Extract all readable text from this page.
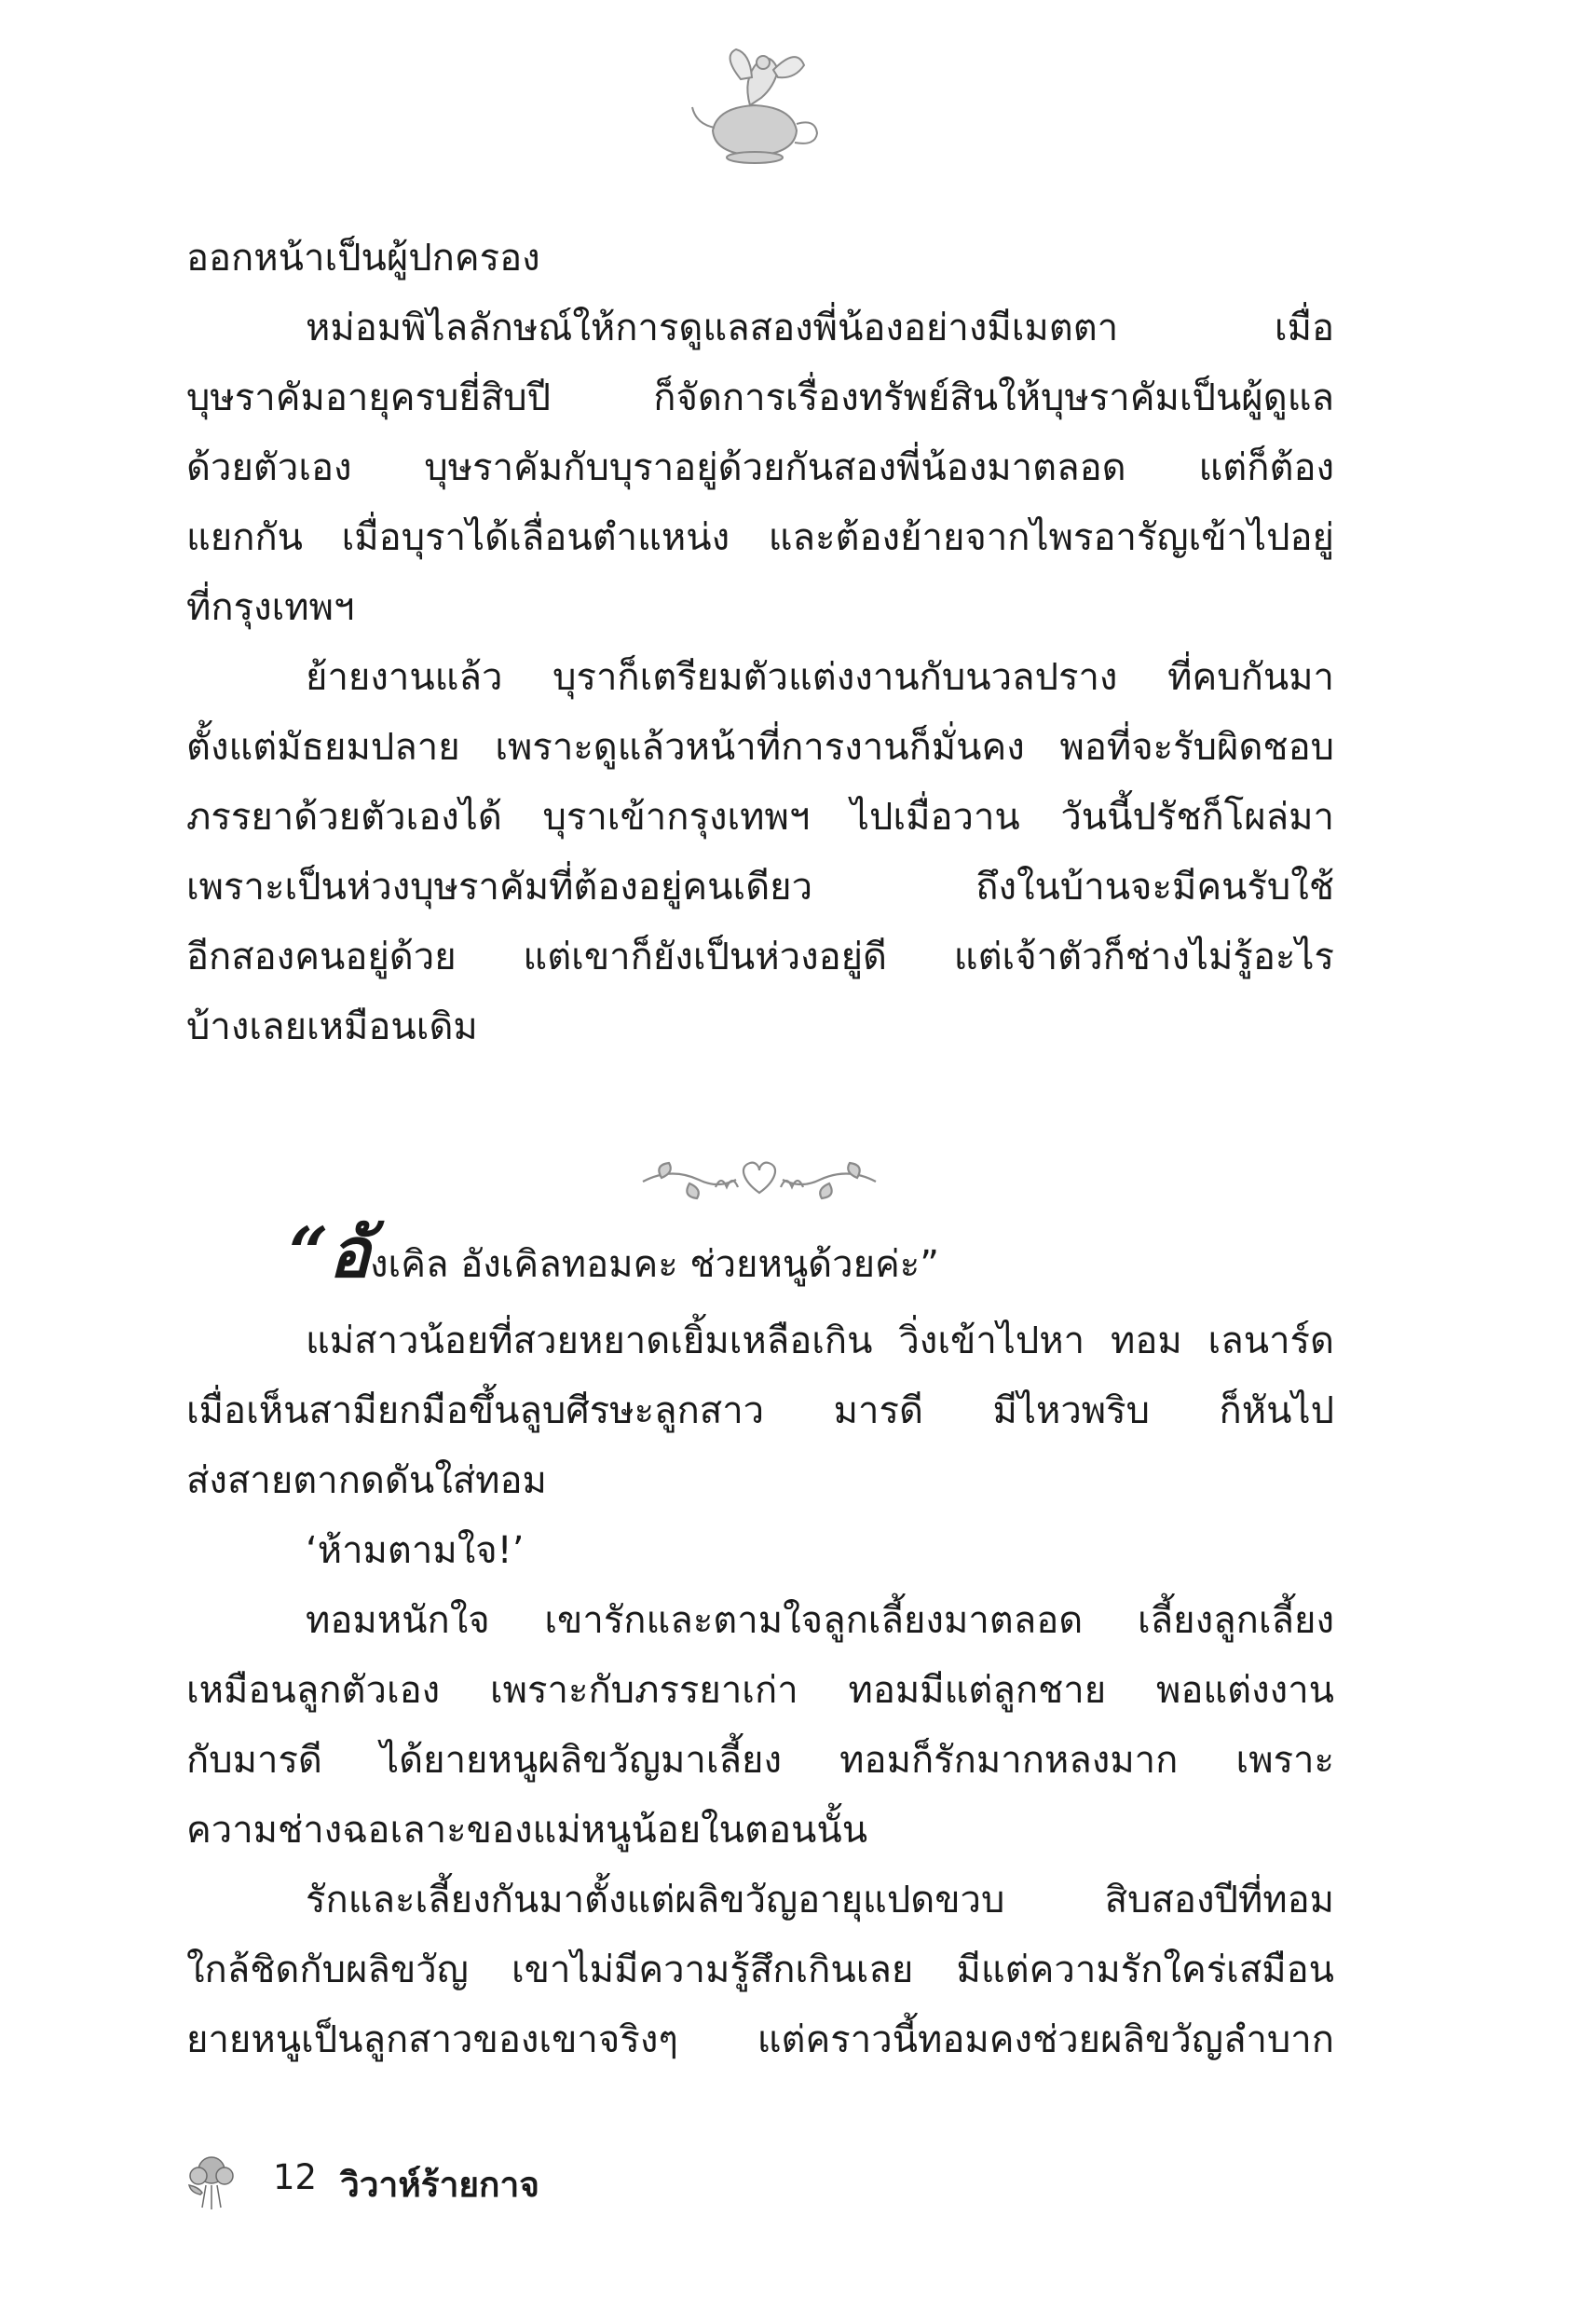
ออกหน้าเป็นผู้ปกครอง
หม่อมพิไลลักษณ์ให้การดูแลสองพี่น้องอย่างมีเมตตา เมื่อ
บุษราคัมอายุครบยี่สิบปี ก็จัดการเรื่องทรัพย์สินให้บุษราคัมเป็นผู้ดูแล
ด้วยตัวเอง บุษราคัมกับบุราอยู่ด้วยกันสองพี่น้องมาตลอด แต่ก็ต้อง
แยกกัน เมื่อบุราได้เลื่อนตำแหน่ง และต้องย้ายจากไพรอารัญเข้าไปอยู่
ที่กรุงเทพฯ
ย้ายงานแล้ว บุราก็เตรียมตัวแต่งงานกับนวลปราง ที่คบกันมา
ตั้งแต่มัธยมปลาย เพราะดูแล้วหน้าที่การงานก็มั่นคง พอที่จะรับผิดชอบ
ภรรยาด้วยตัวเองได้ บุราเข้ากรุงเทพฯ ไปเมื่อวาน วันนี้ปรัชก็โผล่มา
เพราะเป็นห่วงบุษราคัมที่ต้องอยู่คนเดียว ถึงในบ้านจะมีคนรับใช้
อีกสองคนอยู่ด้วย แต่เขาก็ยังเป็นห่วงอยู่ดี แต่เจ้าตัวก็ช่างไม่รู้อะไร
บ้างเลยเหมือนเดิม
“อังเคิล อังเคิลทอมคะ ช่วยหนูด้วยค่ะ”
แม่สาวน้อยที่สวยหยาดเยิ้มเหลือเกิน วิ่งเข้าไปหา ทอม เลนาร์ด
เมื่อเห็นสามียกมือขึ้นลูบศีรษะลูกสาว มารดี มีไหวพริบ ก็หันไป
ส่งสายตากดดันใส่ทอม
‘ห้ามตามใจ!’
ทอมหนักใจ เขารักและตามใจลูกเลี้ยงมาตลอด เลี้ยงลูกเลี้ยง
เหมือนลูกตัวเอง เพราะกับภรรยาเก่า ทอมมีแต่ลูกชาย พอแต่งงาน
กับมารดี ได้ยายหนูผลิขวัญมาเลี้ยง ทอมก็รักมากหลงมาก เพราะ
ความช่างฉอเลาะของแม่หนูน้อยในตอนนั้น
รักและเลี้ยงกันมาตั้งแต่ผลิขวัญอายุแปดขวบ สิบสองปีที่ทอม
ใกล้ชิดกับผลิขวัญ เขาไม่มีความรู้สึกเกินเลย มีแต่ความรักใคร่เสมือน
ยายหนูเป็นลูกสาวของเขาจริงๆ แต่คราวนี้ทอมคงช่วยผลิขวัญลำบาก
12 วิวาห์ร้ายกาจ
